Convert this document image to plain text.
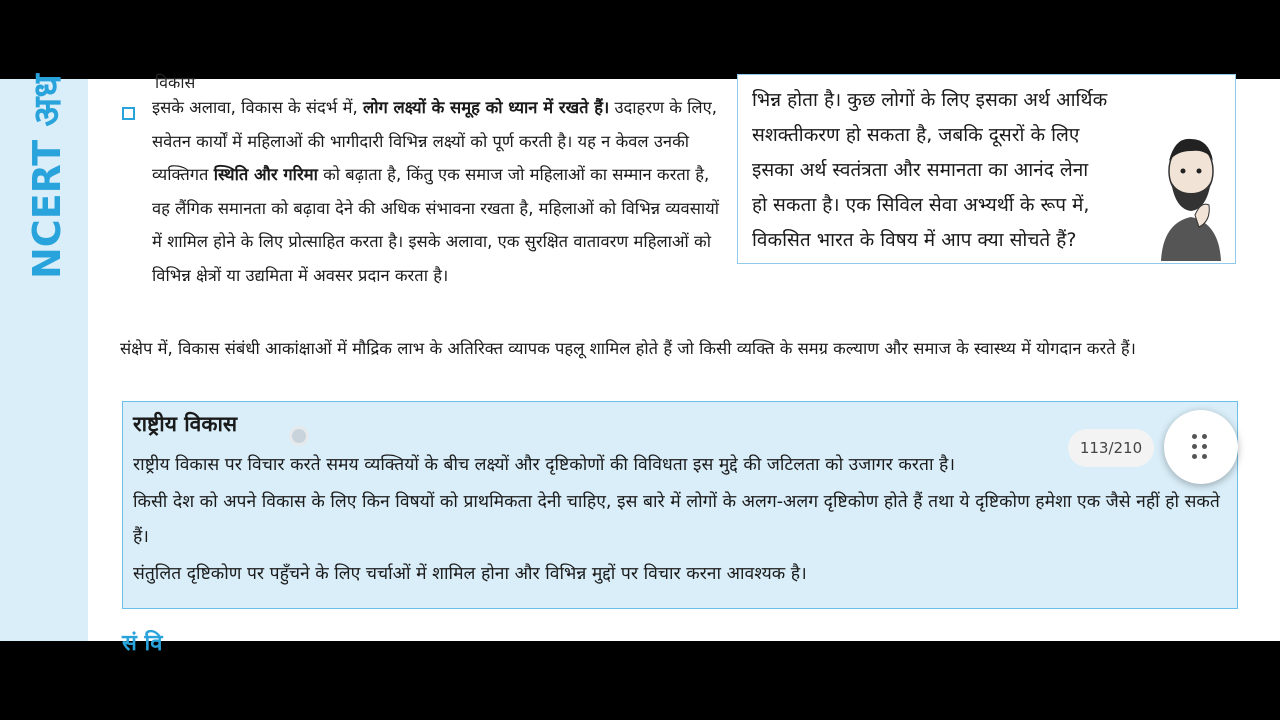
NCERT अध	विकास
इसके अलावा, विकास के संदर्भ में, लोग लक्ष्यों के समूह को ध्यान में रखते हैं। उदाहरण के लिए, सवेतन कार्यों में महिलाओं की भागीदारी विभिन्न लक्ष्यों को पूर्ण करती है। यह न केवल उनकी व्यक्तिगत स्थिति और गरिमा को बढ़ाता है, किंतु एक समाज जो महिलाओं का सम्मान करता है, वह लैंगिक समानता को बढ़ावा देने की अधिक संभावना रखता है, महिलाओं को विभिन्न व्यवसायों में शामिल होने के लिए प्रोत्साहित करता है। इसके अलावा, एक सुरक्षित वातावरण महिलाओं को विभिन्न क्षेत्रों या उद्यमिता में अवसर प्रदान करता है।
भिन्न होता है। कुछ लोगों के लिए इसका अर्थ आर्थिक
सशक्तीकरण हो सकता है, जबकि दूसरों के लिए
इसका अर्थ स्वतंत्रता और समानता का आनंद लेना
हो सकता है। एक सिविल सेवा अभ्यर्थी के रूप में,
विकसित भारत के विषय में आप क्या सोचते हैं?
संक्षेप में, विकास संबंधी आकांक्षाओं में मौद्रिक लाभ के अतिरिक्त व्यापक पहलू शामिल होते हैं जो किसी व्यक्ति के समग्र कल्याण और समाज के स्वास्थ्य में योगदान करते हैं।
राष्ट्रीय विकास

राष्ट्रीय विकास पर विचार करते समय व्यक्तियों के बीच लक्ष्यों और दृष्टिकोणों की विविधता इस मुद्दे की जटिलता को उजागर करता है।

किसी देश को अपने विकास के लिए किन विषयों को प्राथमिकता देनी चाहिए, इस बारे में लोगों के अलग-अलग दृष्टिकोण होते हैं तथा ये दृष्टिकोण हमेशा एक जैसे नहीं हो सकते हैं।

संतुलित दृष्टिकोण पर पहुँचने के लिए चर्चाओं में शामिल होना और विभिन्न मुद्दों पर विचार करना आवश्यक है।

सं वि
113/210
